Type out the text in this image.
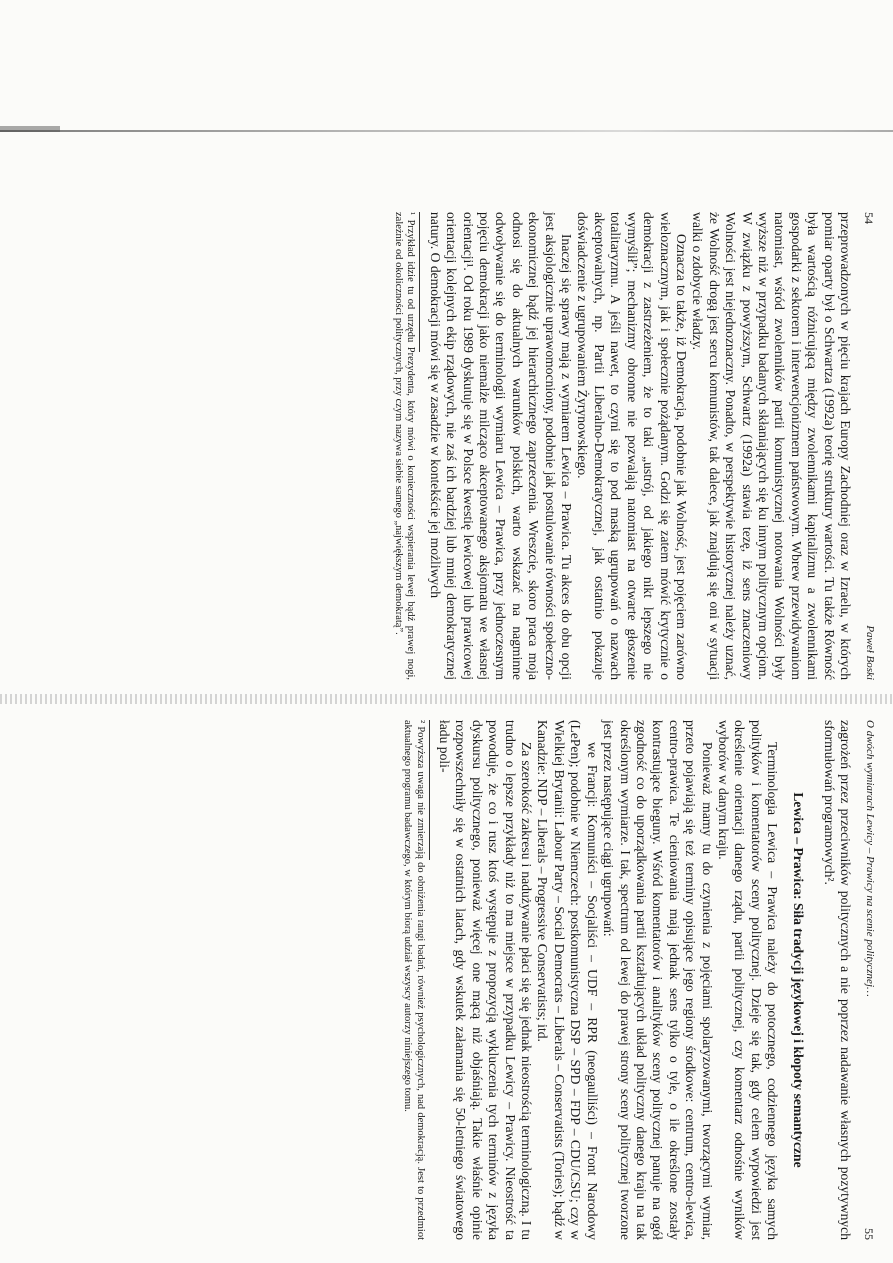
54
Paweł Boski

przeprowadzonych w pięciu krajach Europy Zachodniej oraz w Izraelu, w których pomiar oparty był o Schwartza (1992a) teorię struktury wartości. Tu także Równość była wartością różnicującą między zwolennikami kapitalizmu a zwolennikami gospodarki z sektorem i interwencjonizmem państwowym. Wbrew przewidywaniom natomiast, wśród zwolenników partii komunistycznej notowania Wolności były wyższe niż w przypadku badanych skłaniających się ku innym politycznym opcjom. W związku z powyższym, Schwartz (1992a) stawia tezę, iż sens znaczeniowy Wolności jest niejednoznaczny. Ponadto, w perspektywie historycznej należy uznać, że Wolność drogą jest sercu komunistów, tak dalece, jak znajdują się oni w sytuacji walki o zdobycie władzy.

Oznacza to także, iż Demokracja, podobnie jak Wolność, jest pojęciem zarówno wieloznacznym, jak i społecznie pożądanym. Godzi się zatem mówić krytycznie o demokracji z zastrzeżeniem, że to taki „ustrój, od jakiego nikt lepszego nie wymyślił”; mechanizmy obronne nie pozwalają natomiast na otwarte głoszenie totalitaryzmu. A jeśli nawet, to czyni się to pod maską ugrupowań o nazwach akceptowalnych, np. Partii Liberalno-Demokratycznej, jak ostatnio pokazuje doświadczenie z ugrupowaniem Żyrynowskiego.

Inaczej się sprawy mają z wymiarem Lewica – Prawica. Tu akces do obu opcji jest aksjologicznie uprawomocniony, podobnie jak postulowanie równości społeczno-ekonomicznej bądź jej hierarchicznego zaprzeczenia. Wreszcie, skoro praca moja odnosi się do aktualnych warunków polskich, warto wskazać na nagminne odwoływanie się do terminologii wymiaru Lewica – Prawica, przy jednoczesnym pojęciu demokracji jako niemalże milcząco akceptowanego aksjomatu we własnej orientacji¹. Od roku 1989 dyskutuje się w Polsce kwestię lewicowej lub prawicowej orientacji kolejnych ekip rządowych, nie zaś ich bardziej lub mniej demokratycznej natury. O demokracji mówi się w zasadzie w kontekście jej możliwych

¹ Przykład idzie tu od urzędu Prezydenta, który mówi o konieczności wspierania lewej bądź prawej nogi, zależnie od okoliczności politycznych, przy czym nazywa siebie samego „największym demokratą”.

O dwóch wymiarach Lewicy – Prawicy na scenie politycznej…
55

zagrożeń przez przeciwników politycznych a nie poprzez nadawanie własnych pozytywnych sformułowań programowych².

Lewica – Prawica: Siła tradycji językowej i kłopoty semantyczne

Terminologia Lewica – Prawica należy do potocznego, codziennego języka samych polityków i komentatorów sceny politycznej. Dzieje się tak, gdy celem wypowiedzi jest określenie orientacji danego rządu, partii politycznej, czy komentarz odnośnie wyników wyborów w danym kraju.

Ponieważ mamy tu do czynienia z pojęciami spolaryzowanymi, tworzącymi wymiar, przeto pojawiają się też terminy opisujące jego regiony środkowe: centrum, centro-lewica, centro-prawica. Te cieniowania mają jednak sens tylko o tyle, o ile określone zostały kontrastujące bieguny. Wśród komentatorów i analityków sceny politycznej panuje na ogół zgodność co do uporządkowania partii kształtujących układ polityczny danego kraju na tak określonym wymiarze. I tak, spectrum od lewej do prawej strony sceny politycznej tworzone jest przez następujące ciągi ugrupowań:

we Francji: Komuniści – Socjaliści – UDF – RPR (neogaulliści) – Front Narodowy (LePen); podobnie w Niemczech: postkomunistyczna DSP – SPD – FDP – CDU/CSU; czy w Wielkiej Brytanii: Labour Party – Social Democrats – Liberals – Conservatists (Tories); bądź w Kanadzie: NDP – Liberals – Progressive Conservatists; itd.

Za szerokość zakresu i nadużywanie płaci się się jednak nieostrością terminologiczną. I tu trudno o lepsze przykłady niż to ma miejsce w przypadku Lewicy – Prawicy. Nieostrość ta powoduje, że co i rusz ktoś występuje z propozycją wykluczenia tych terminów z języka dyskursu politycznego, ponieważ więcej one mącą niż objaśniają. Takie właśnie opinie rozpowszechniły się w ostatnich latach, gdy wskutek załamania się 50-letniego światowego ładu poli-

² Powyższa uwaga nie zmierzają do obniżenia rangi badań, również psychologicznych, nad demokracją. Jest to przedmiot aktualnego programu badawczego, w którym biorą udział wszyscy autorzy niniejszego tomu.
